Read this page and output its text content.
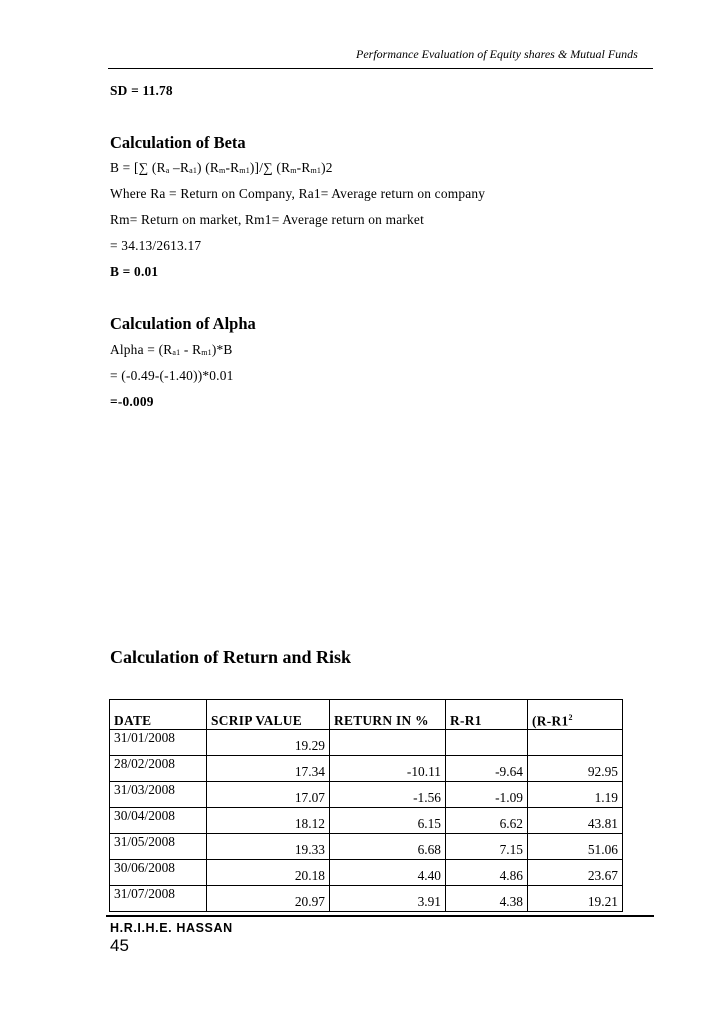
Performance Evaluation of Equity shares & Mutual Funds
SD = 11.78
Calculation of Beta
B = [∑ ($R_a$ $-R_{a1}$) $(R_m-R_{m1})]/\sum$ $(R_m-R_{m1})2$
Where Ra = Return on Company, Ra1= Average return on company
Rm= Return on market, Rm1= Average return on market
= 34.13/2613.17
B = 0.01
Calculation of Alpha
Alpha = $(R_{a1} - R_{m1})*B$
= (-0.49-(-1.40))*0.01
=-0.009
Calculation of Return and Risk
DATE	SCRIP VALUE	RETURN IN %	R-R1	($R-R1^2$
31/01/2008	19.29			
28/02/2008	17.34	-10.11	-9.64	92.95
31/03/2008	17.07	-1.56	-1.09	1.19
30/04/2008	18.12	6.15	6.62	43.81
31/05/2008	19.33	6.68	7.15	51.06
30/06/2008	20.18	4.40	4.86	23.67
31/07/2008	20.97	3.91	4.38	19.21
H.R.I.H.E. HASSAN
45
